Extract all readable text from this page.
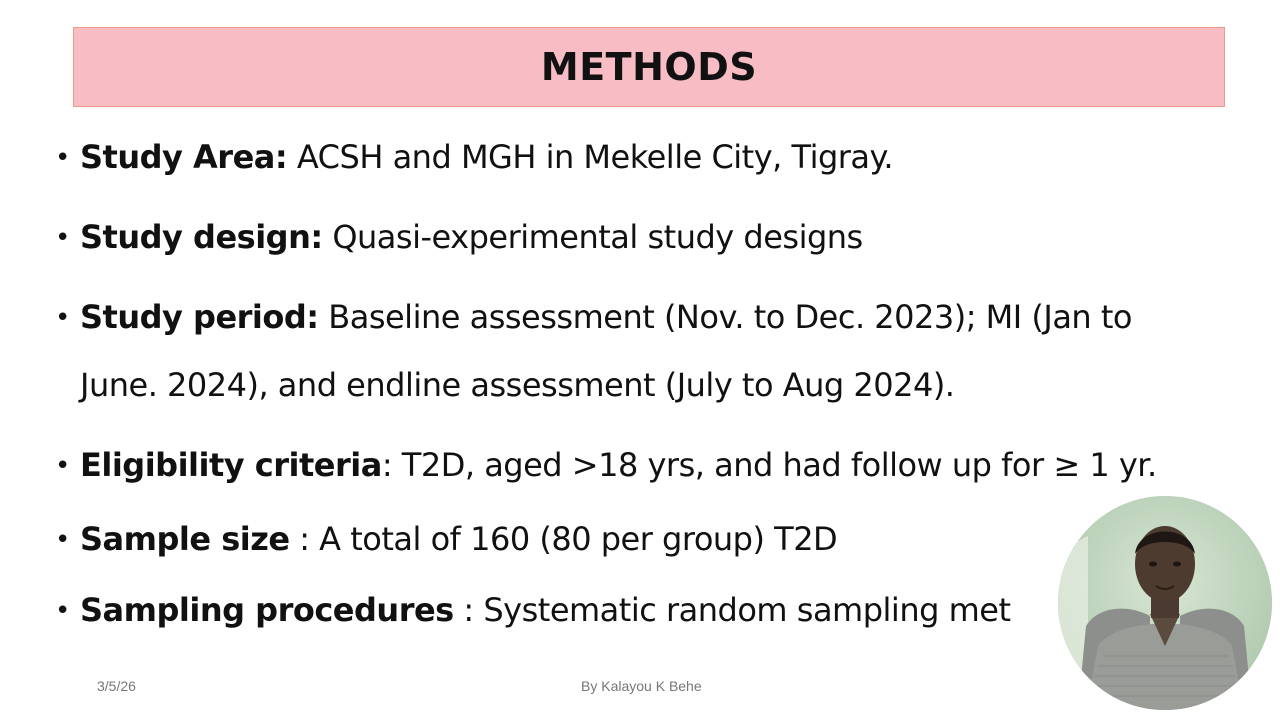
METHODS
• Study Area: ACSH and MGH in Mekelle City, Tigray.
• Study design: Quasi-experimental study designs
• Study period: Baseline assessment (Nov. to Dec. 2023); MI (Jan to
June. 2024), and endline assessment (July to Aug 2024).
• Eligibility criteria: T2D, aged >18 yrs, and had follow up for ≥ 1 yr.
• Sample size : A total of 160 (80 per group) T2D
• Sampling procedures : Systematic random sampling met
3/5/26	By Kalayou K Behe
